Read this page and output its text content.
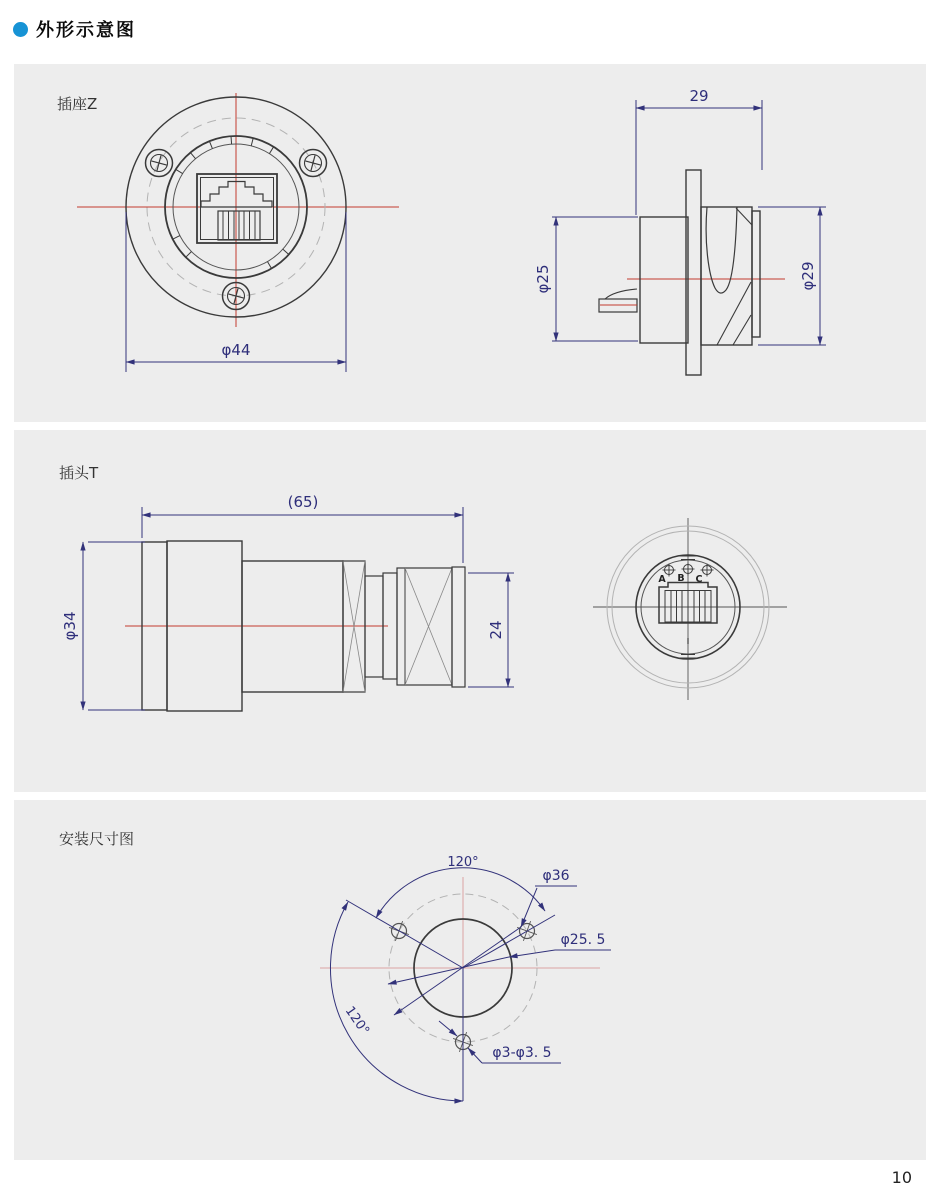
外形示意图
插座Z
φ44
29
φ25	φ29
插头T
(65)
φ34	24
A B C
安装尺寸图
120°
120°
φ36
φ25. 5
φ3-φ3. 5
10
